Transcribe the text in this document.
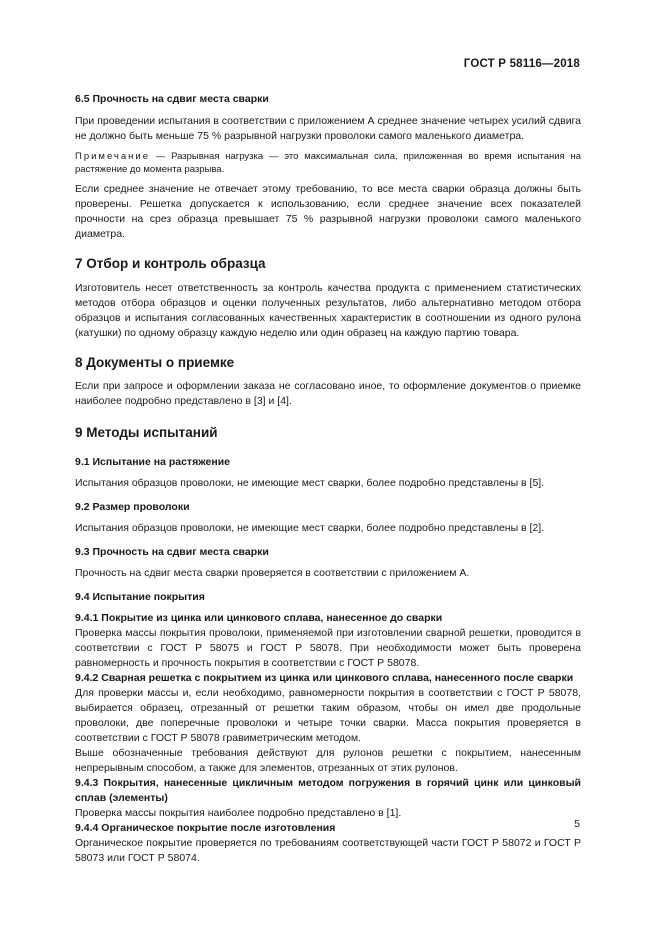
ГОСТ Р 58116—2018

6.5 Прочность на сдвиг места сварки

При проведении испытания в соответствии с приложением А среднее значение четырех усилий сдвига не должно быть меньше 75 % разрывной нагрузки проволоки самого маленького диаметра.

Примечание — Разрывная нагрузка — это максимальная сила, приложенная во время испытания на растяжение до момента разрыва.

Если среднее значение не отвечает этому требованию, то все места сварки образца должны быть проверены. Решетка допускается к использованию, если среднее значение всех показателей прочности на срез образца превышает 75 % разрывной нагрузки проволоки самого маленького диаметра.

7 Отбор и контроль образца

Изготовитель несет ответственность за контроль качества продукта с применением статистических методов отбора образцов и оценки полученных результатов, либо альтернативно методом отбора образцов и испытания согласованных качественных характеристик в соотношении из одного рулона (катушки) по одному образцу каждую неделю или один образец на каждую партию товара.

8 Документы о приемке

Если при запросе и оформлении заказа не согласовано иное, то оформление документов о приемке наиболее подробно представлено в [3] и [4].

9 Методы испытаний

9.1 Испытание на растяжение

Испытания образцов проволоки, не имеющие мест сварки, более подробно представлены в [5].

9.2 Размер проволоки

Испытания образцов проволоки, не имеющие мест сварки, более подробно представлены в [2].

9.3 Прочность на сдвиг места сварки

Прочность на сдвиг места сварки проверяется в соответствии с приложением А.

9.4 Испытание покрытия

9.4.1 Покрытие из цинка или цинкового сплава, нанесенное до сварки

Проверка массы покрытия проволоки, применяемой при изготовлении сварной решетки, проводится в соответствии с ГОСТ Р 58075 и ГОСТ Р 58078. При необходимости может быть проверена равномерность и прочность покрытия в соответствии с ГОСТ Р 58078.

9.4.2 Сварная решетка с покрытием из цинка или цинкового сплава, нанесенного после сварки

Для проверки массы и, если необходимо, равномерности покрытия в соответствии с ГОСТ Р 58078, выбирается образец, отрезанный от решетки таким образом, чтобы он имел две продольные проволоки, две поперечные проволоки и четыре точки сварки. Масса покрытия проверяется в соответствии с ГОСТ Р 58078 гравиметрическим методом.

Выше обозначенные требования действуют для рулонов решетки с покрытием, нанесенным непрерывным способом, а также для элементов, отрезанных от этих рулонов.

9.4.3 Покрытия, нанесенные цикличным методом погружения в горячий цинк или цинковый сплав (элементы)

Проверка массы покрытия наиболее подробно представлено в [1].

9.4.4 Органическое покрытие после изготовления

Органическое покрытие проверяется по требованиям соответствующей части ГОСТ Р 58072 и ГОСТ Р 58073 или ГОСТ Р 58074.

5
